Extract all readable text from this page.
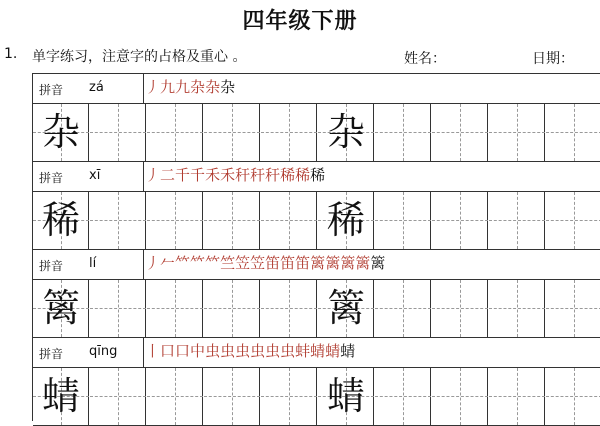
四年级下册
1. 单字练习，注意字的占格及重心 。	姓名：	日期：
拼音 zá	丿九九杂杂杂
杂	杂
拼音 xī	丿二千千禾禾秆秆秆稀稀稀
稀	稀
拼音 lí	丿𠂉𥫗𥫗𥫗竺笠笠笛笛笛篱篱篱篱篱
篱	篱
拼音 qīng 丨口口中虫虫虫虫虫虫蚌蜻蜻蜻
蜻	蜻
